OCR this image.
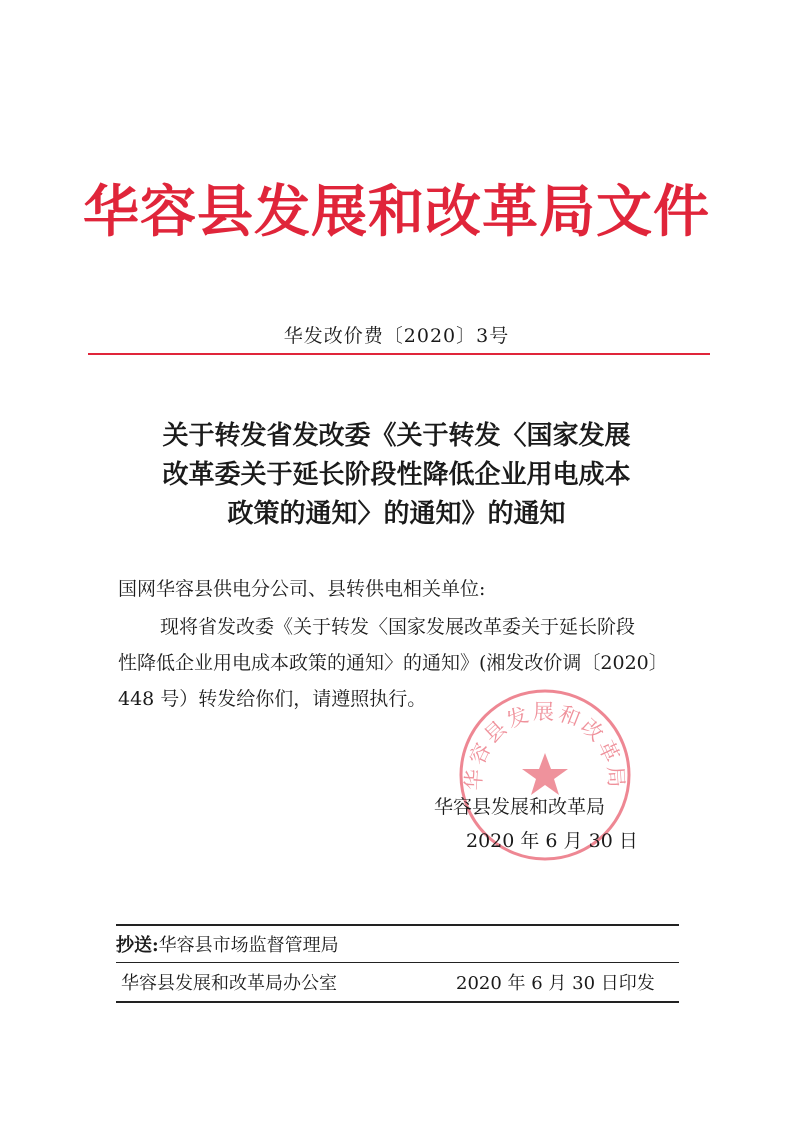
华容县发展和改革局文件
华发改价费〔2020〕3号
关于转发省发改委《关于转发〈国家发展
改革委关于延长阶段性降低企业用电成本
政策的通知〉的通知》的通知
国网华容县供电分公司、县转供电相关单位:
现将省发改委《关于转发〈国家发展改革委关于延长阶段
性降低企业用电成本政策的通知〉的通知》(湘发改价调〔2020〕
448 号）转发给你们，请遵照执行。
华容县发展和改革局
华容县发展和改革局
2020 年 6 月 30 日
抄送:华容县市场监督管理局
华容县发展和改革局办公室	2020 年 6 月 30 日印发
